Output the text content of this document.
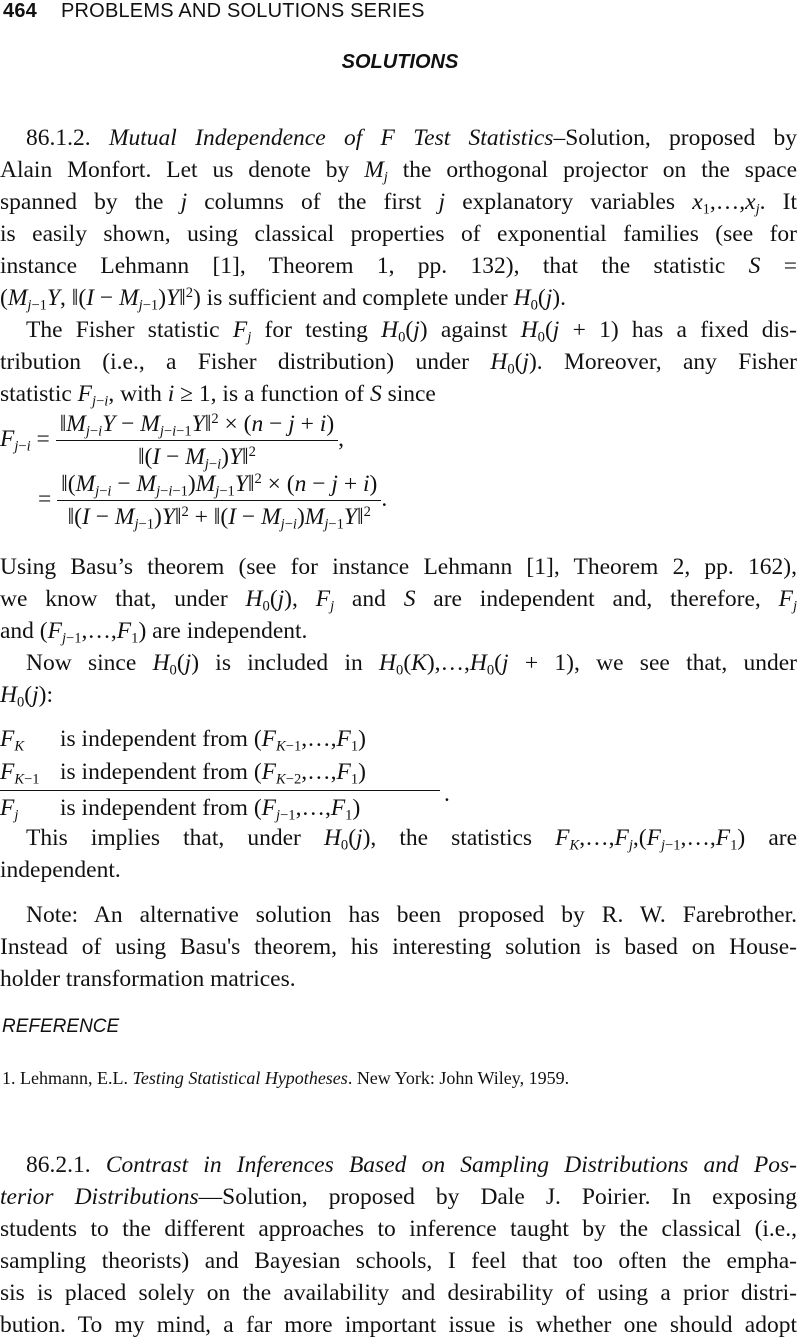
464 PROBLEMS AND SOLUTIONS SERIES
SOLUTIONS
86.1.2. Mutual Independence of F Test Statistics–Solution, proposed by
Alain Monfort. Let us denote by $M_j$ the orthogonal projector on the space
spanned by the j columns of the first j explanatory variables $x_1,\dots,x_j$. It
is easily shown, using classical properties of exponential families (see for
instance Lehmann [1], Theorem 1, pp. 132), that the statistic S =
($M_{j-1}Y$, ‖(I − $M_{j-1})Y‖^2$) is sufficient and complete under $H_0(j)$.
The Fisher statistic $F_j$ for testing $H_0(j)$ against $H_0(j + 1)$ has a fixed dis-
tribution (i.e., a Fisher distribution) under $H_0(j)$. Moreover, any Fisher
statistic $F_{j-i}$, with i ≥ 1, is a function of S since
$F_{j-i} = \frac{‖M_{j-i}Y - M_{j-i-1}Y‖^2 \times (n - j + i)}{‖(I - M_{j-i})Y‖^2}$ ,
= $\frac{‖(M_{j-i} - M_{j-i-1})M_{j-1}Y‖^2 \times (n - j + i)}{‖(I - M_{j-1})Y‖^2 + ‖(I - M_{j-i})M_{j-1}Y‖^2}$ .
Using Basu’s theorem (see for instance Lehmann [1], Theorem 2, pp. 162),
we know that, under $H_0(j)$, $F_j$ and S are independent and, therefore, $F_j$
and $(F_{j-1},\dots,F_1)$ are independent.
Now since $H_0(j)$ is included in $H_0(K),\dots,H_0(j + 1)$, we see that, under
$H_0(j)$:
$F_K$ is independent from $(F_{K-1},\dots,F_1)$
$F_{K-1}$ is independent from $(F_{K-2},\dots,F_1)$
.
$F_j$ is independent from $(F_{j-1},\dots,F_1)$
This implies that, under $H_0(j)$, the statistics $F_K,\dots,F_j,(F_{j-1},\dots,F_1)$ are
independent.
Note: An alternative solution has been proposed by R. W. Farebrother.
Instead of using Basu's theorem, his interesting solution is based on House-
holder transformation matrices.
REFERENCE
1. Lehmann, E.L. Testing Statistical Hypotheses. New York: John Wiley, 1959.
86.2.1. Contrast in Inferences Based on Sampling Distributions and Pos-
terior Distributions—Solution, proposed by Dale J. Poirier. In exposing
students to the different approaches to inference taught by the classical (i.e.,
sampling theorists) and Bayesian schools, I feel that too often the empha-
sis is placed solely on the availability and desirability of using a prior distri-
bution. To my mind, a far more important issue is whether one should adopt
